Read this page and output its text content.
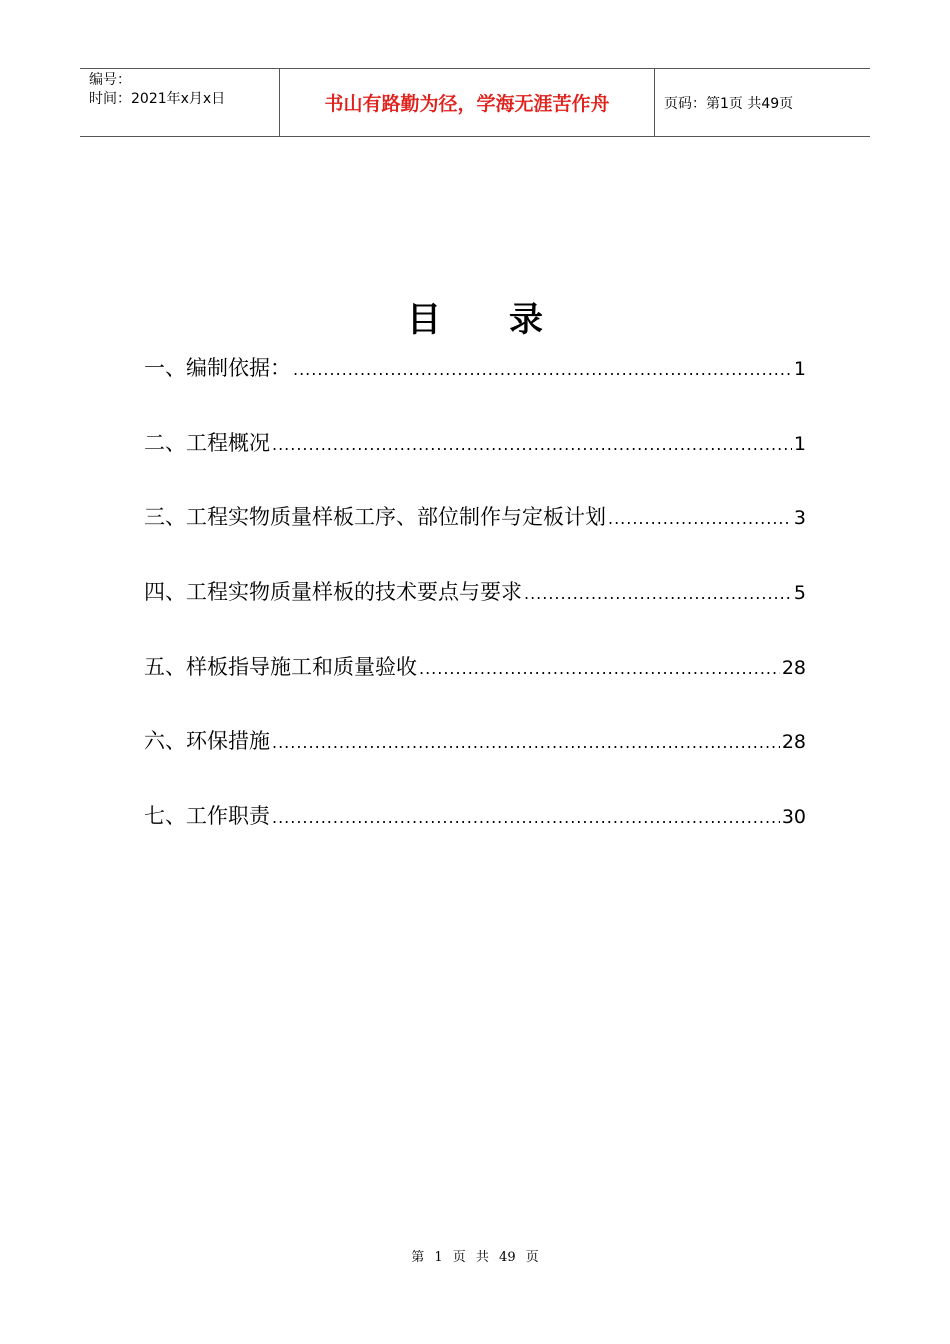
编号：
时间：2021年x月x日	书山有路勤为径，学海无涯苦作舟	页码：第1页 共49页
目 录
一、编制依据： .....	1
二、工程概况 .....	1
三、工程实物质量样板工序、部位制作与定板计划 .....	3
四、工程实物质量样板的技术要点与要求 .....	5
五、样板指导施工和质量验收 .....	28
六、环保措施 .....	28
七、工作职责 .....	30
第 1 页 共 49 页
